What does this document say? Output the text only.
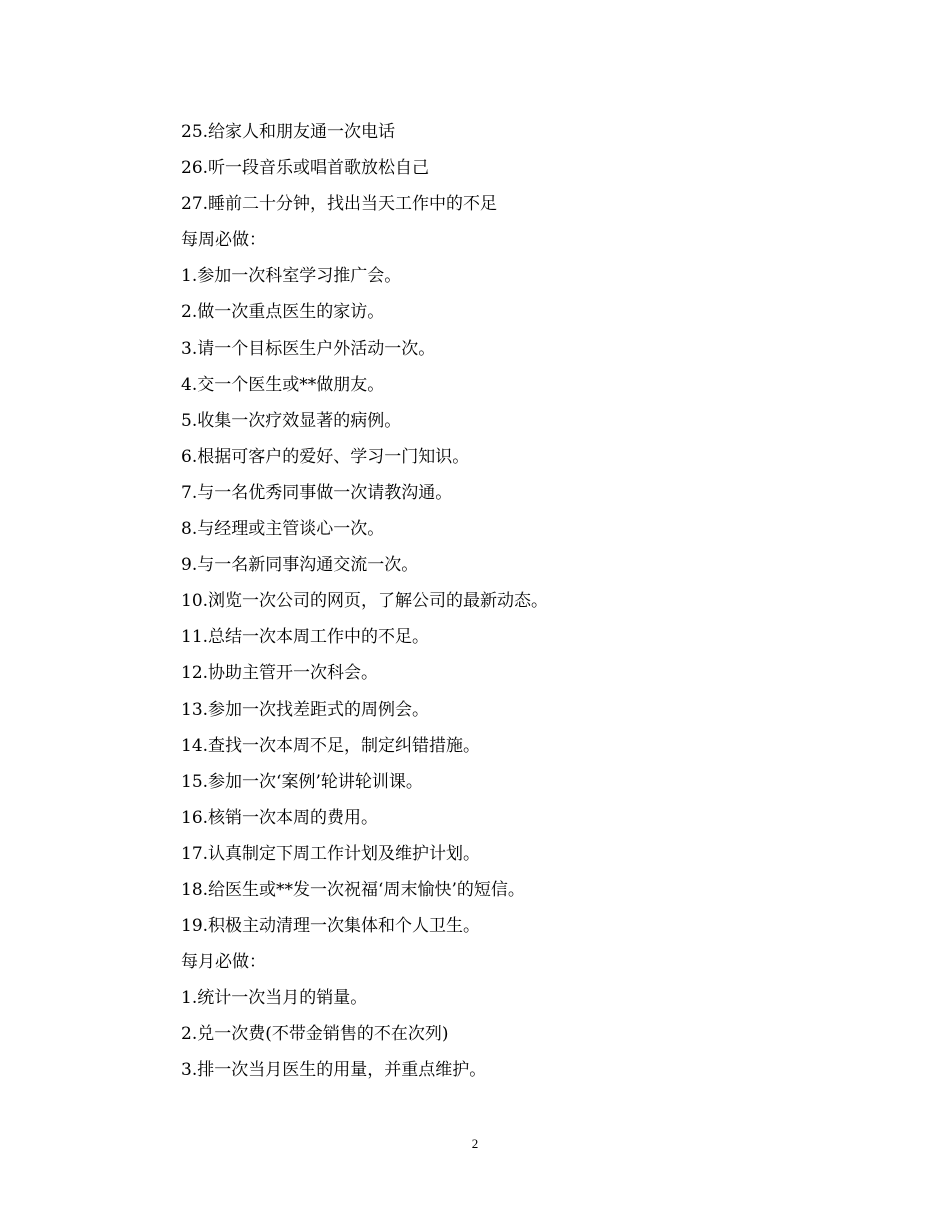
25.给家人和朋友通一次电话
26.听一段音乐或唱首歌放松自己
27.睡前二十分钟，找出当天工作中的不足
每周必做：
1.参加一次科室学习推广会。
2.做一次重点医生的家访。
3.请一个目标医生户外活动一次。
4.交一个医生或**做朋友。
5.收集一次疗效显著的病例。
6.根据可客户的爱好、学习一门知识。
7.与一名优秀同事做一次请教沟通。
8.与经理或主管谈心一次。
9.与一名新同事沟通交流一次。
10.浏览一次公司的网页，了解公司的最新动态。
11.总结一次本周工作中的不足。
12.协助主管开一次科会。
13.参加一次找差距式的周例会。
14.查找一次本周不足，制定纠错措施。
15.参加一次‘案例’轮讲轮训课。
16.核销一次本周的费用。
17.认真制定下周工作计划及维护计划。
18.给医生或**发一次祝福‘周末愉快’的短信。
19.积极主动清理一次集体和个人卫生。
每月必做：
1.统计一次当月的销量。
2.兑一次费(不带金销售的不在次列)
3.排一次当月医生的用量，并重点维护。
2
